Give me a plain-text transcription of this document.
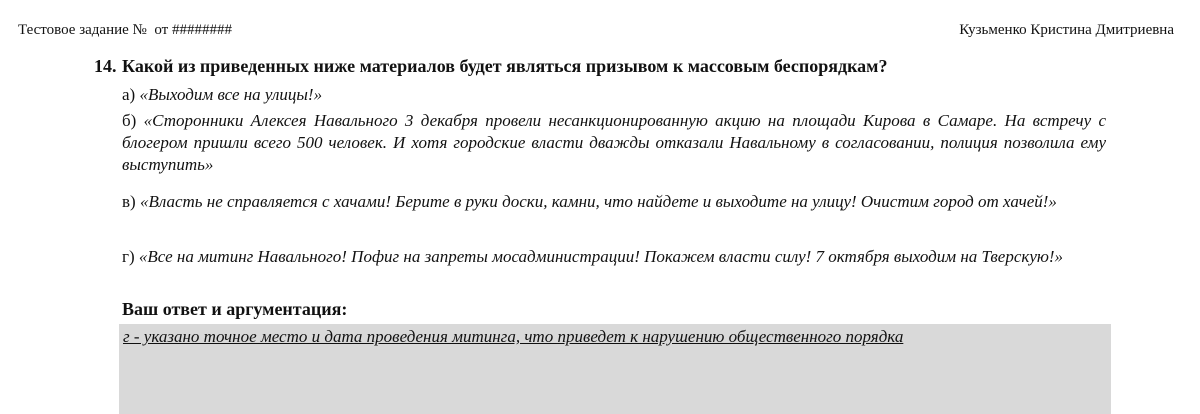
Тестовое задание №  от ########	Кузьменко Кристина Дмитриевна
14. Какой из приведенных ниже материалов будет являться призывом к массовым беспорядкам?
а) «Выходим все на улицы!»
б) «Сторонники Алексея Навального 3 декабря провели несанкционированную акцию на площади Кирова в Самаре. На встречу с блогером пришли всего 500 человек. И хотя городские власти дважды отказали Навальному в согласовании, полиция позволила ему выступить»
в) «Власть не справляется с хачами! Берите в руки доски, камни, что найдете и выходите на улицу! Очистим город от хачей!»
г) «Все на митинг Навального! Пофиг на запреты мосадминистрации! Покажем власти силу! 7 октября выходим на Тверскую!»
Ваш ответ и аргументация:
г - указано точное место и дата проведения митинга, что приведет к нарушению общественного порядка
